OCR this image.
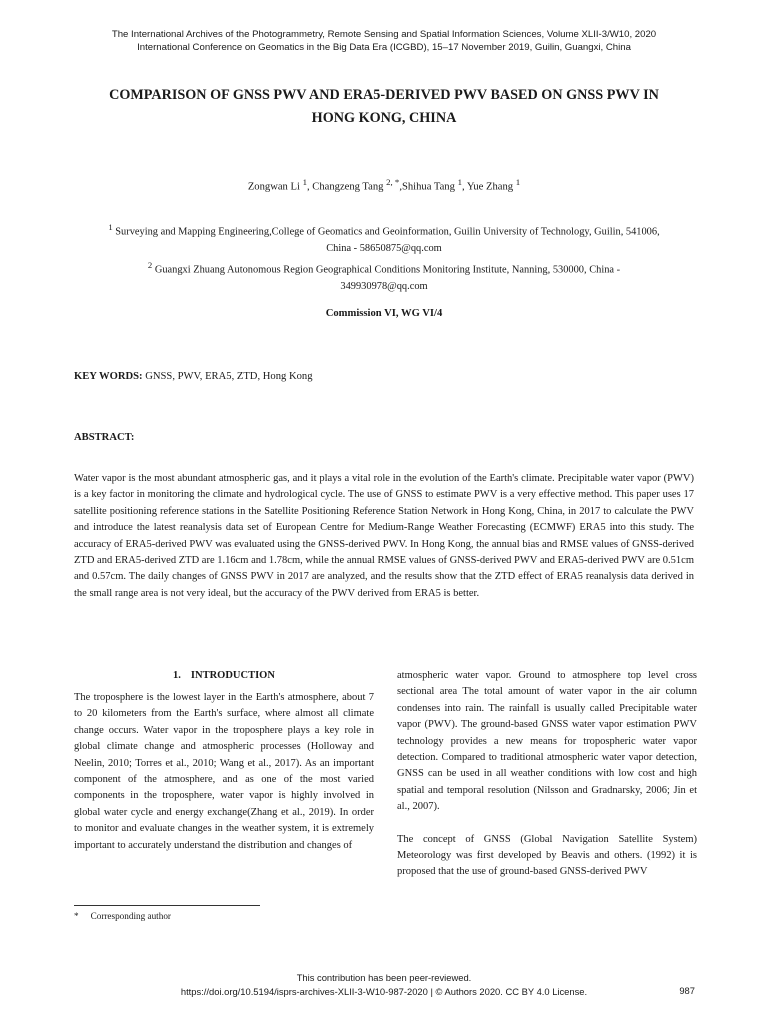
The International Archives of the Photogrammetry, Remote Sensing and Spatial Information Sciences, Volume XLII-3/W10, 2020
International Conference on Geomatics in the Big Data Era (ICGBD), 15–17 November 2019, Guilin, Guangxi, China
COMPARISON OF GNSS PWV AND ERA5-DERIVED PWV BASED ON GNSS PWV IN
HONG KONG, CHINA
Zongwan Li $^1$, Changzeng Tang $^{2, *}$,Shihua Tang $^1$, Yue Zhang $^1$

$^1$ Surveying and Mapping Engineering,College of Geomatics and Geoinformation, Guilin University of Technology, Guilin, 541006,

China - 58650875@qq.com

$^2$ Guangxi Zhuang Autonomous Region Geographical Conditions Monitoring Institute, Nanning, 530000, China -

349930978@qq.com

Commission VI, WG VI/4
KEY WORDS: GNSS, PWV, ERA5, ZTD, Hong Kong
ABSTRACT:

Water vapor is the most abundant atmospheric gas, and it plays a vital role in the evolution of the Earth's climate. Precipitable water vapor (PWV) is a key factor in monitoring the climate and hydrological cycle. The use of GNSS to estimate PWV is a very effective method. This paper uses 17 satellite positioning reference stations in the Satellite Positioning Reference Station Network in Hong Kong, China, in 2017 to calculate the PWV and introduce the latest reanalysis data set of European Centre for Medium-Range Weather Forecasting (ECMWF) ERA5 into this study. The accuracy of ERA5-derived PWV was evaluated using the GNSS-derived PWV. In Hong Kong, the annual bias and RMSE values of GNSS-derived ZTD and ERA5-derived ZTD are 1.16cm and 1.78cm, while the annual RMSE values of GNSS-derived PWV and ERA5-derived PWV are 0.51cm and 0.57cm. The daily changes of GNSS PWV in 2017 are analyzed, and the results show that the ZTD effect of ERA5 reanalysis data derived in the small range area is not very ideal, but the accuracy of the PWV derived from ERA5 is better.

1. INTRODUCTION

The troposphere is the lowest layer in the Earth's atmosphere, about 7 to 20 kilometers from the Earth's surface, where almost all climate change occurs. Water vapor in the troposphere plays a key role in global climate change and atmospheric processes (Holloway and Neelin, 2010; Torres et al., 2010; Wang et al., 2017). As an important component of the atmosphere, and as one of the most varied components in the troposphere, water vapor is highly involved in global water cycle and energy exchange(Zhang et al., 2019). In order to monitor and evaluate changes in the weather system, it is extremely important to accurately understand the distribution and changes of

atmospheric water vapor. Ground to atmosphere top level cross sectional area The total amount of water vapor in the air column condenses into rain. The rainfall is usually called Precipitable water vapor (PWV). The ground-based GNSS water vapor estimation PWV technology provides a new means for tropospheric water vapor detection. Compared to traditional atmospheric water vapor detection, GNSS can be used in all weather conditions with low cost and high spatial and temporal resolution (Nilsson and Gradnarsky, 2006; Jin et al., 2007).

The concept of GNSS (Global Navigation Satellite System) Meteorology was first developed by Beavis and others. (1992) it is proposed that the use of ground-based GNSS-derived PWV

* Corresponding author
This contribution has been peer-reviewed.
https://doi.org/10.5194/isprs-archives-XLII-3-W10-987-2020 | © Authors 2020. CC BY 4.0 License.	987
